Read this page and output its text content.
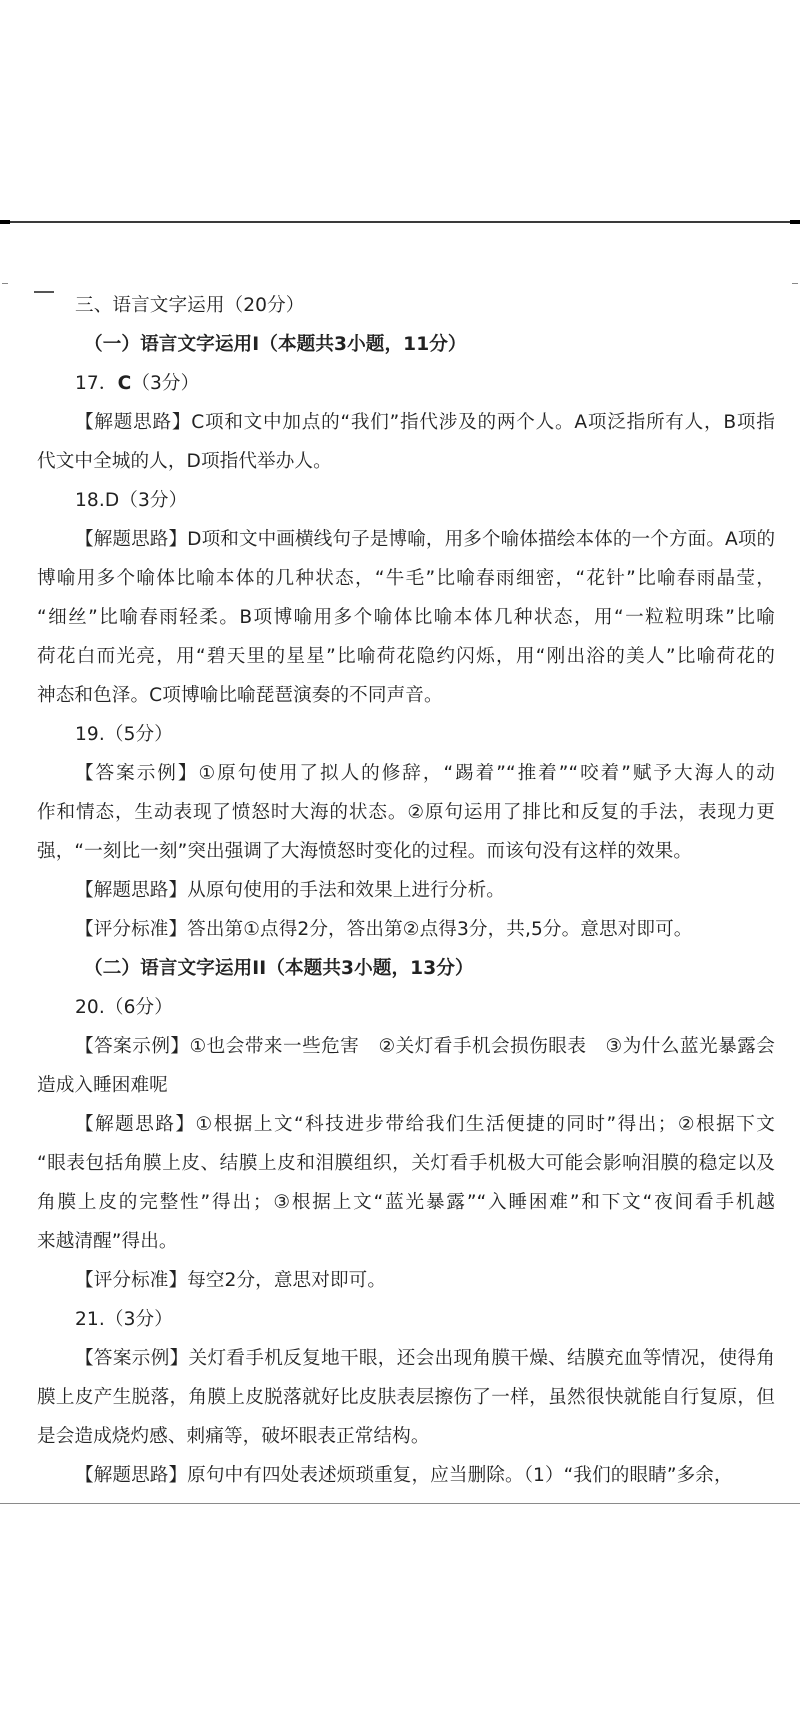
三、语言文字运用（20分）
（一）语言文字运用I（本题共3小题，11分）
17．C（3分）
【解题思路】C项和文中加点的“我们”指代涉及的两个人。A项泛指所有人，B项指
代文中全城的人，D项指代举办人。
18.D（3分）
【解题思路】D项和文中画横线句子是博喻，用多个喻体描绘本体的一个方面。A项的
博喻用多个喻体比喻本体的几种状态，“牛毛”比喻春雨细密，“花针”比喻春雨晶莹，
“细丝”比喻春雨轻柔。B项博喻用多个喻体比喻本体几种状态，用“一粒粒明珠”比喻
荷花白而光亮，用“碧天里的星星”比喻荷花隐约闪烁，用“刚出浴的美人”比喻荷花的
神态和色泽。C项博喻比喻琵琶演奏的不同声音。
19.（5分）
【答案示例】①原句使用了拟人的修辞，“踢着”“推着”“咬着”赋予大海人的动
作和情态，生动表现了愤怒时大海的状态。②原句运用了排比和反复的手法，表现力更
强，“一刻比一刻”突出强调了大海愤怒时变化的过程。而该句没有这样的效果。
【解题思路】从原句使用的手法和效果上进行分析。
【评分标准】答出第①点得2分，答出第②点得3分，共,5分。意思对即可。
（二）语言文字运用II（本题共3小题，13分）
20.（6分）
【答案示例】①也会带来一些危害　②关灯看手机会损伤眼表　③为什么蓝光暴露会
造成入睡困难呢
【解题思路】①根据上文“科技进步带给我们生活便捷的同时”得出；②根据下文
“眼表包括角膜上皮、结膜上皮和泪膜组织，关灯看手机极大可能会影响泪膜的稳定以及
角膜上皮的完整性”得出；③根据上文“蓝光暴露”“入睡困难”和下文“夜间看手机越
来越清醒”得出。
【评分标准】每空2分，意思对即可。
21.（3分）
【答案示例】关灯看手机反复地干眼，还会出现角膜干燥、结膜充血等情况，使得角
膜上皮产生脱落，角膜上皮脱落就好比皮肤表层擦伤了一样，虽然很快就能自行复原，但
是会造成烧灼感、刺痛等，破坏眼表正常结构。
【解题思路】原句中有四处表述烦琐重复，应当删除。（1）“我们的眼睛”多余，
